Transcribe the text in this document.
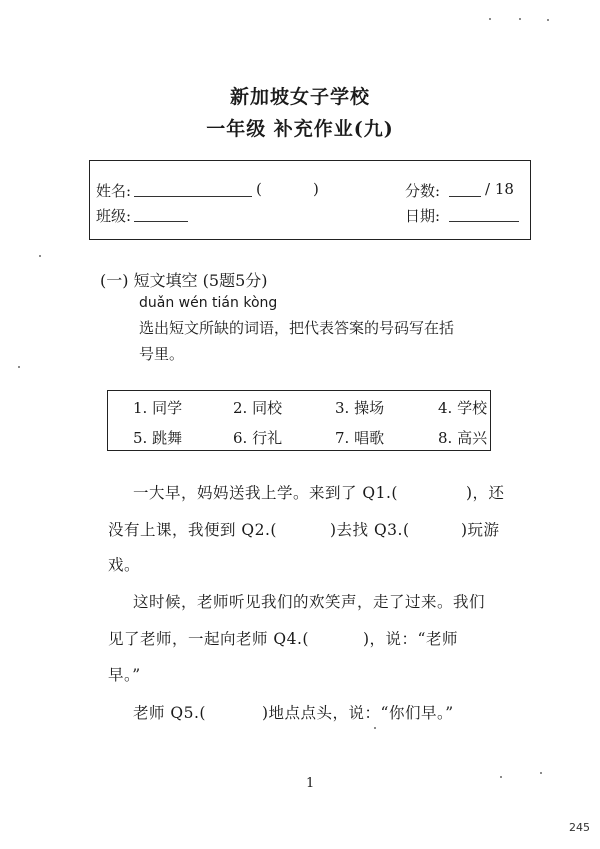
新加坡女子学校
一年级 补充作业(九)
姓名:	(	)	分数:	/ 18
班级:	日期:
(一) 短文填空 (5题5分)
duǎn wén tián kòng
选出短文所缺的词语，把代表答案的号码写在括
号里。
1. 同学	2. 同校	3. 操场	4. 学校
5. 跳舞	6. 行礼	7. 唱歌	8. 高兴
一大早，妈妈送我上学。来到了 Q1.(	)，还
没有上课，我便到 Q2.(	)去找 Q3.(	)玩游
戏。
这时候，老师听见我们的欢笑声，走了过来。我们
见了老师，一起向老师 Q4.(	)，说：“老师
早。”
老师 Q5.(	)地点点头，说：“你们早。”
1
245
